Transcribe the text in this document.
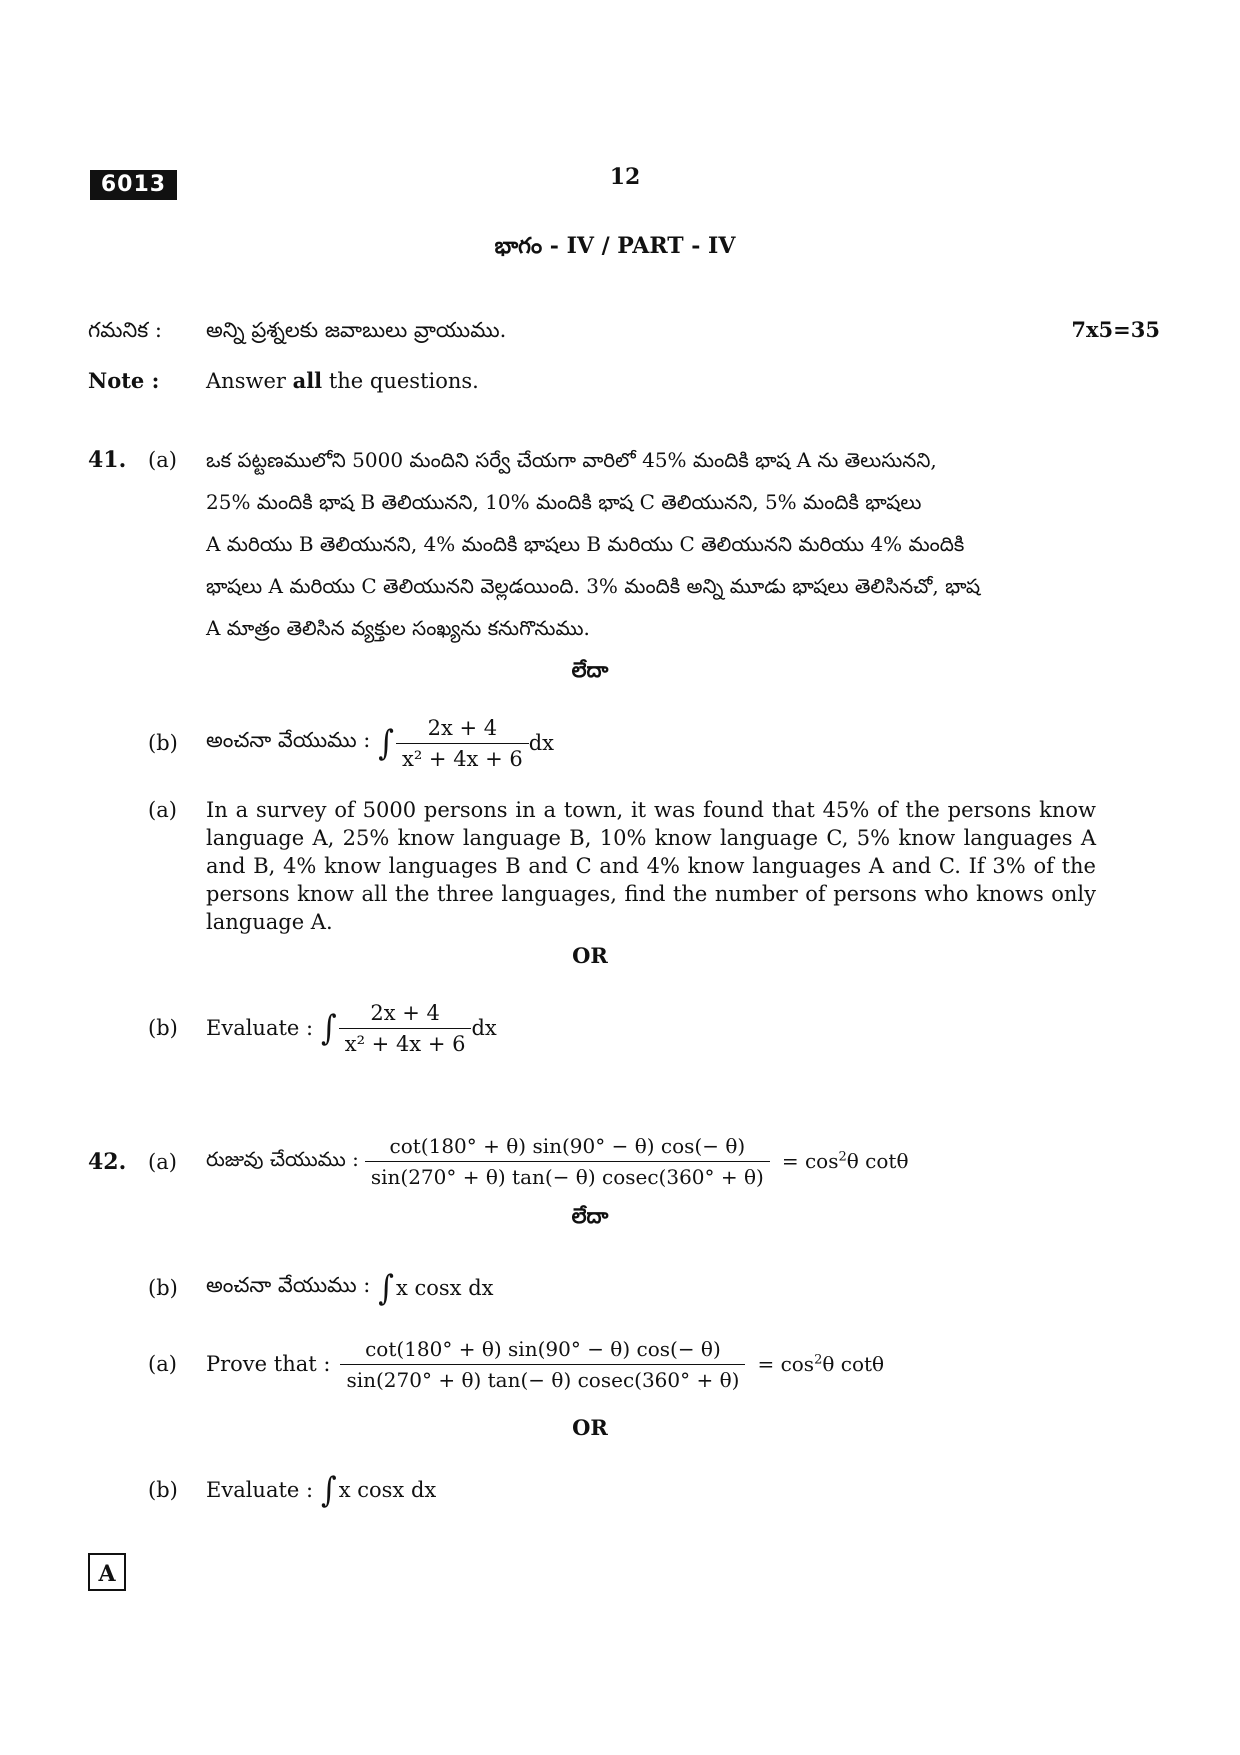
6013	12
భాగం - IV / PART - IV
గమనిక : అన్ని ప్రశ్నలకు జవాబులు వ్రాయుము.	7x5=35
Note : Answer all the questions.
41. (a) ఒక పట్టణములోని 5000 మందిని సర్వే చేయగా వారిలో 45% మందికి భాష A ను తెలుసునని,
25% మందికి భాష B తెలియునని, 10% మందికి భాష C తెలియునని, 5% మందికి భాషలు
A మరియు B తెలియునని, 4% మందికి భాషలు B మరియు C తెలియునని మరియు 4% మందికి
భాషలు A మరియు C తెలియునని వెల్లడయింది. 3% మందికి అన్ని మూడు భాషలు తెలిసినచో, భాష
A మాత్రం తెలిసిన వ్యక్తుల సంఖ్యను కనుగొనుము.
లేదా
(b) అంచనా వేయుము : ∫ $\frac{2x + 4}{\text{x² + 4x + 6}}$ dx
(a) In a survey of 5000 persons in a town, it was found that 45% of the persons know language A, 25% know language B, 10% know language C, 5% know languages A and B, 4% know languages B and C and 4% know languages A and C. If 3% of the persons know all the three languages, find the number of persons who knows only language A.
OR
(b) Evaluate : ∫ $\frac{2x + 4}{\text{x² + 4x + 6}}$ dx
42. (a) రుజువు చేయుము : $\frac{\cot(180^\circ + \theta) \sin(90^\circ - \theta) \cos(- \theta)}{\sin(270^\circ + \theta) \tan(- \theta) cosec(360^\circ + \theta)} = \cos^2\theta$ cotθ
లేదా
(b) అంచనా వేయుము : ∫ x cosx dx
(a) Prove that : $\frac{\cot(180^\circ + \theta) \sin(90^\circ - \theta) \cos(- \theta)}{\sin(270^\circ + \theta) \tan(- \theta) cosec(360^\circ + \theta)} = \cos^2\theta$ cotθ
OR
(b) Evaluate : ∫ x cosx dx
A
